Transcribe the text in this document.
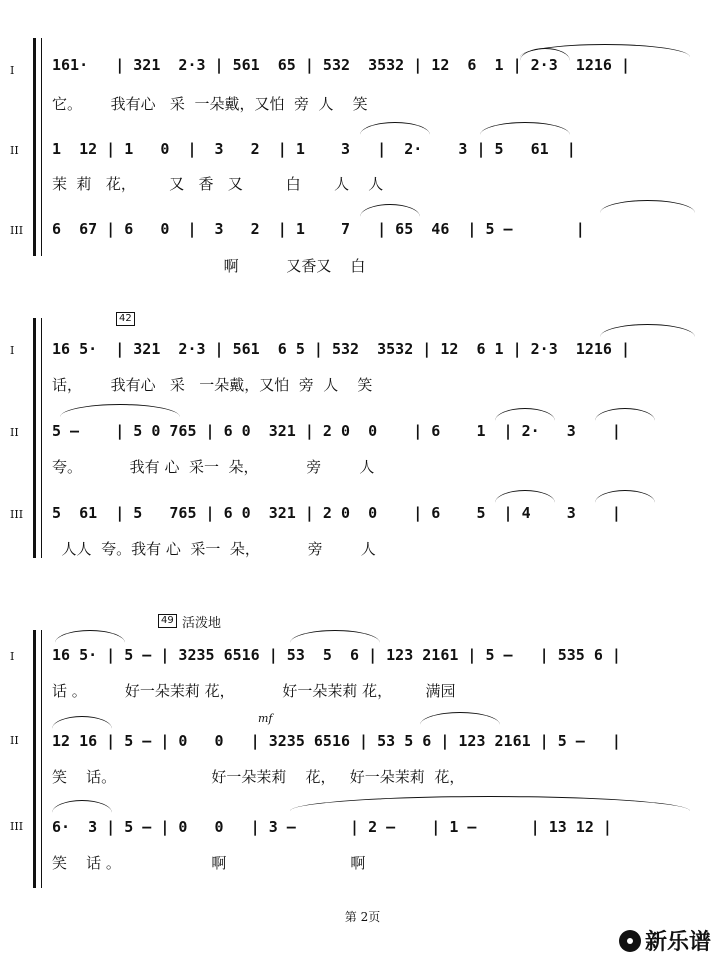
I	161·   | 321  2·3 | 561  65 | 532  3532 | 12  6  1 | 2·3  1216 |
它。      我有心   采  一朵戴，又怕  旁  人    笑
II 1  12 | 1   0  |  3   2  | 1    3   |  2·    3 | 5   61  |
茉  莉   花，       又   香   又         白       人    人
III 6  67 | 6   0  |  3   2  | 1    7   | 65  46  | 5 –       |
啊          又香又    白
42
I	16 5·  | 321  2·3 | 561  6 5 | 532  3532 | 12  6 1 | 2·3  1216 |
话，      我有心   采   一朵戴，又怕  旁  人    笑
II 5 –    | 5 0 765 | 6 0  321 | 2 0  0    | 6    1  | 2·   3    |
夸。          我有 心  采一  朵，          旁        人
III 5  61  | 5   765 | 6 0  321 | 2 0  0    | 6    5  | 4    3    |
人人  夸。我有 心  采一  朵，          旁        人
49 活泼地
mf
I	16 5· | 5 – | 3235 6516 | 53  5  6 | 123 2161 | 5 –   | 535 6 |
话 。        好一朵茉莉 花，          好一朵茉莉 花，       满园
II 12 16 | 5 – | 0   0   | 3235 6516 | 53 5 6 | 123 2161 | 5 –   |
笑    话。                    好一朵茉莉    花，   好一朵茉莉  花，
III 6·  3 | 5 – | 0   0   | 3 –      | 2 –    | 1 –      | 13 12 |
笑    话 。                   啊                          啊
第 2页
新乐谱
